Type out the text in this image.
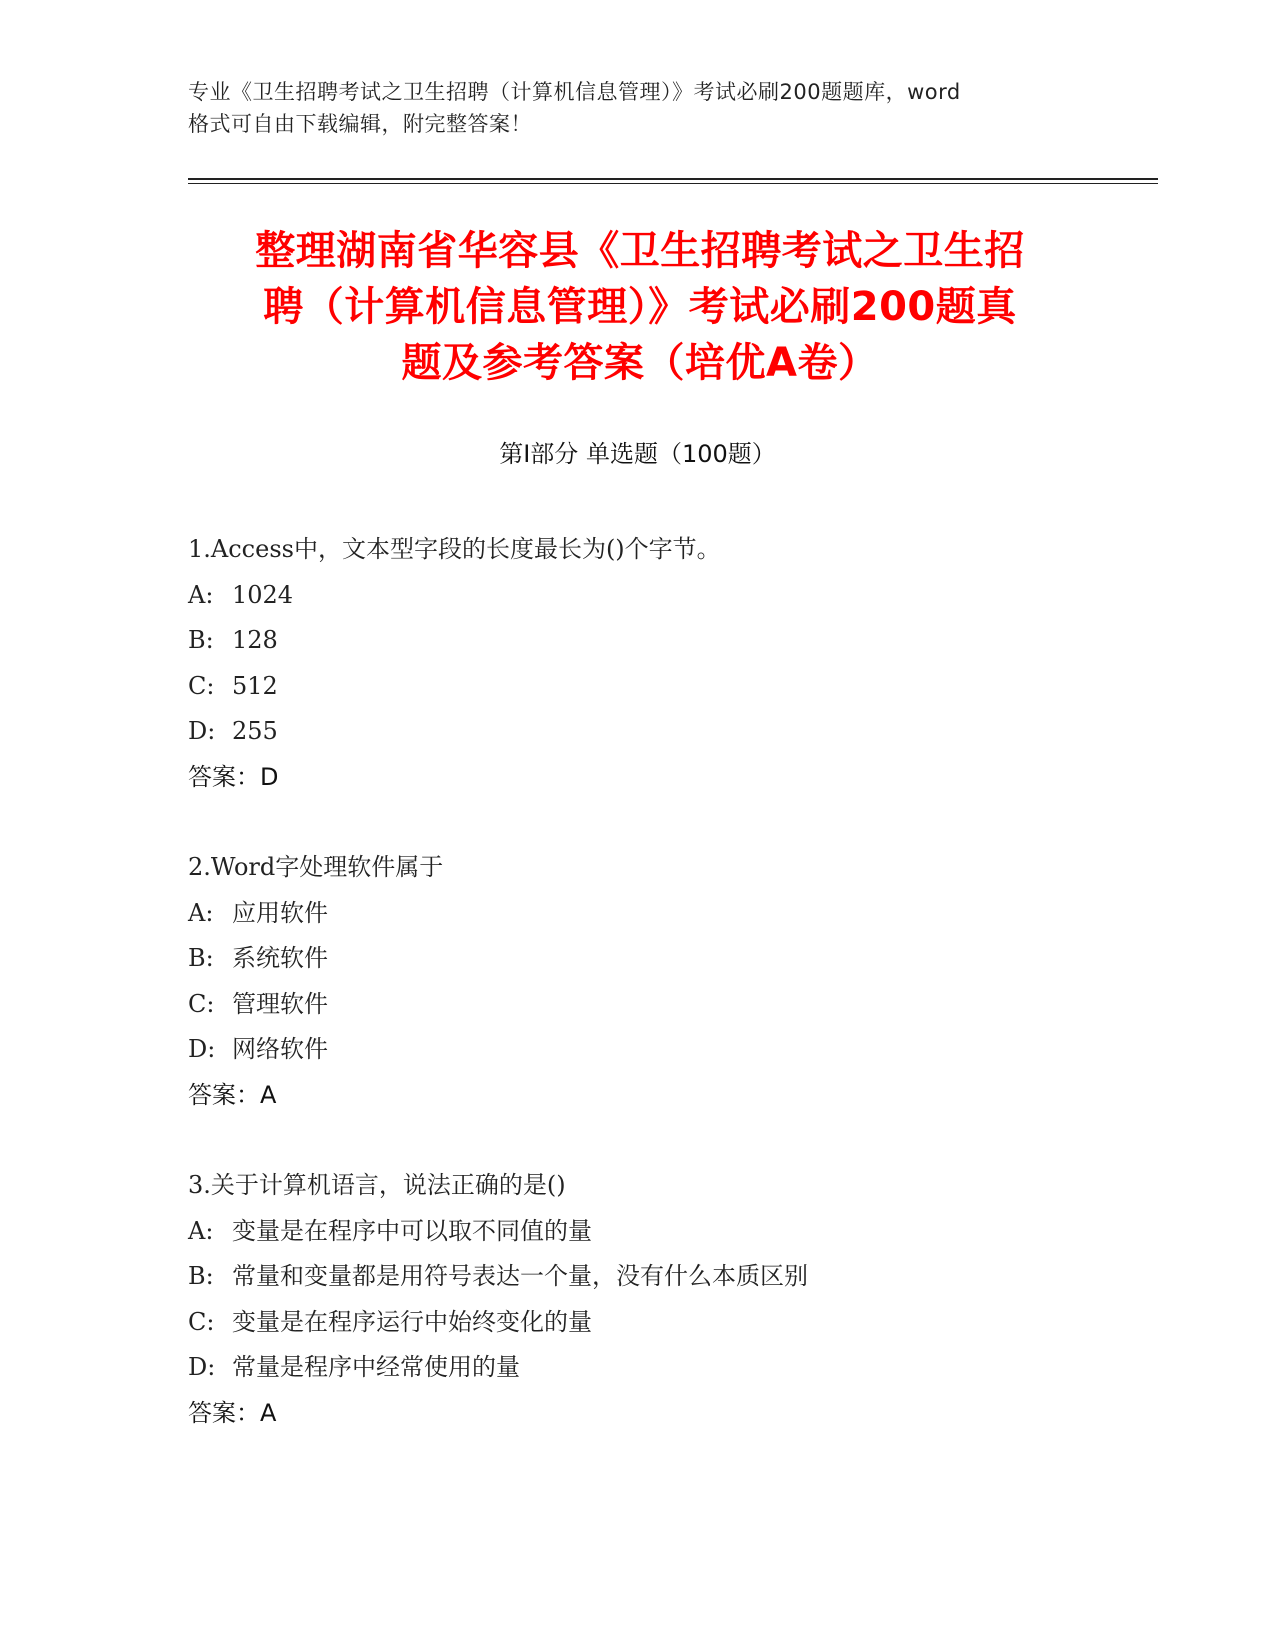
专业《卫生招聘考试之卫生招聘（计算机信息管理）》考试必刷200题题库，word
格式可自由下载编辑，附完整答案！
整理湖南省华容县《卫生招聘考试之卫生招
聘（计算机信息管理）》考试必刷200题真
题及参考答案（培优A卷）
第I部分 单选题（100题）
1.Access中，文本型字段的长度最长为()个字节。
A: 1024
B: 128
C: 512
D: 255
答案：D
2.Word字处理软件属于
A: 应用软件
B: 系统软件
C: 管理软件
D: 网络软件
答案：A
3.关于计算机语言，说法正确的是()
A: 变量是在程序中可以取不同值的量
B: 常量和变量都是用符号表达一个量，没有什么本质区别
C: 变量是在程序运行中始终变化的量
D: 常量是程序中经常使用的量
答案：A
